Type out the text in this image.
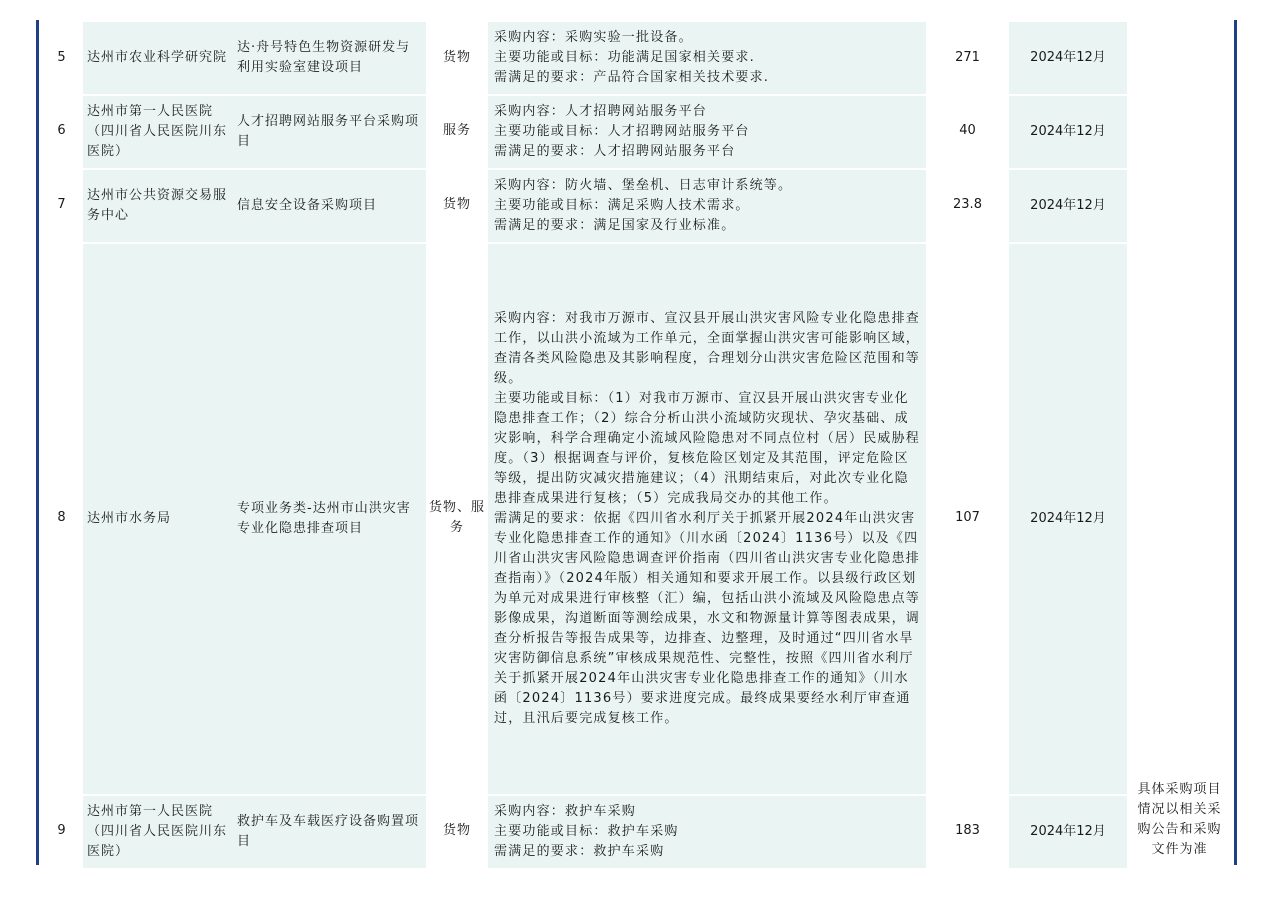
5	达州市农业科学研究院	达·舟号特色生物资源研发与利用实验室建设项目	货物	采购内容：采购实验一批设备。
主要功能或目标：功能满足国家相关要求.
需满足的要求：产品符合国家相关技术要求.	271	2024年12月	具体采购项目情况以相关采购公告和采购文件为准

6	达州市第一人民医院（四川省人民医院川东医院）	人才招聘网站服务平台采购项目	服务	采购内容：人才招聘网站服务平台
主要功能或目标：人才招聘网站服务平台
需满足的要求：人才招聘网站服务平台	40	2024年12月	
7	达州市公共资源交易服务中心	信息安全设备采购项目	货物	采购内容：防火墙、堡垒机、日志审计系统等。
主要功能或目标：满足采购人技术需求。
需满足的要求：满足国家及行业标准。	23.8	2024年12月	
8	达州市水务局	专项业务类-达州市山洪灾害专业化隐患排查项目	货物、服务	采购内容：对我市万源市、宣汉县开展山洪灾害风险专业化隐患排查工作，以山洪小流域为工作单元，全面掌握山洪灾害可能影响区域，查清各类风险隐患及其影响程度，合理划分山洪灾害危险区范围和等级。
主要功能或目标：（1）对我市万源市、宣汉县开展山洪灾害专业化隐患排查工作；（2）综合分析山洪小流域防灾现状、孕灾基础、成灾影响，科学合理确定小流域风险隐患对不同点位村（居）民威胁程度。（3）根据调查与评价，复核危险区划定及其范围，评定危险区等级，提出防灾减灾措施建议；（4）汛期结束后，对此次专业化隐患排查成果进行复核；（5）完成我局交办的其他工作。
需满足的要求：依据《四川省水利厅关于抓紧开展2024年山洪灾害专业化隐患排查工作的通知》（川水函〔2024〕1136号）以及《四川省山洪灾害风险隐患调查评价指南（四川省山洪灾害专业化隐患排查指南）》（2024年版）相关通知和要求开展工作。以县级行政区划为单元对成果进行审核整（汇）编，包括山洪小流域及风险隐患点等影像成果，沟道断面等测绘成果，水文和物源量计算等图表成果，调查分析报告等报告成果等，边排查、边整理，及时通过“四川省水旱灾害防御信息系统”审核成果规范性、完整性，按照《四川省水利厅关于抓紧开展2024年山洪灾害专业化隐患排查工作的通知》（川水函〔2024〕1136号）要求进度完成。最终成果要经水利厅审查通过，且汛后要完成复核工作。	107	2024年12月	
9	达州市第一人民医院（四川省人民医院川东医院）	救护车及车载医疗设备购置项目	货物	采购内容：救护车采购
主要功能或目标：救护车采购
需满足的要求：救护车采购	183	2024年12月	
